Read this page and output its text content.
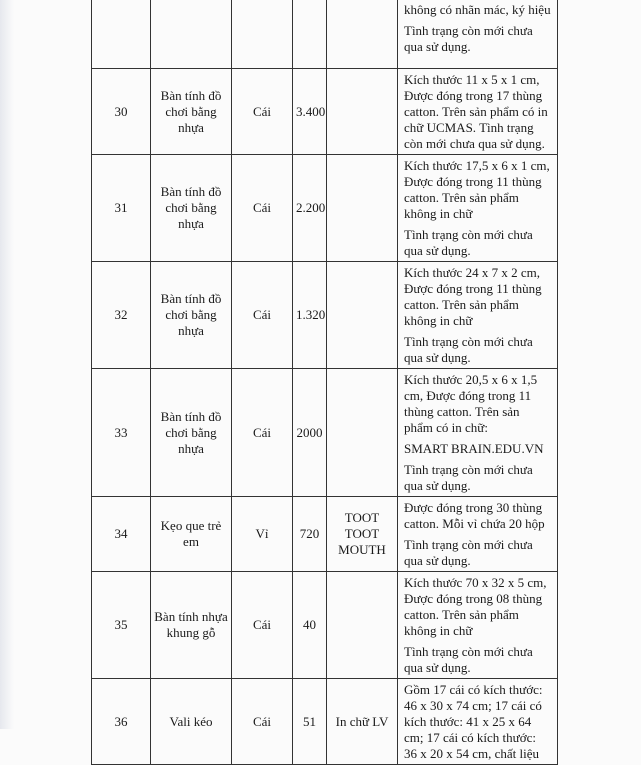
					không có nhãn mác, ký hiệu

Tình trạng còn mới chưa qua sử dụng.

30	Bàn tính đồ chơi bằng nhựa	Cái	3.400		Kích thước 11 x 5 x 1 cm, Được đóng trong 17 thùng catton. Trên sản phẩm có in chữ UCMAS. Tình trạng còn mới chưa qua sử dụng.

31	Bàn tính đồ chơi bằng nhựa	Cái	2.200		Kích thước 17,5 x 6 x 1 cm, Được đóng trong 11 thùng catton. Trên sản phẩm không in chữ

Tình trạng còn mới chưa qua sử dụng.

32	Bàn tính đồ chơi bằng nhựa	Cái	1.320		Kích thước 24 x 7 x 2 cm, Được đóng trong 11 thùng catton. Trên sản phẩm không in chữ

Tình trạng còn mới chưa qua sử dụng.

33	Bàn tính đồ chơi bằng nhựa	Cái	2000		Kích thước 20,5 x 6 x 1,5 cm, Được đóng trong 11 thùng catton. Trên sản phẩm có in chữ:

SMART BRAIN.EDU.VN

Tình trạng còn mới chưa qua sử dụng.

34	Kẹo que trẻ em	Vỉ	720	TOOT TOOT MOUTH	Được đóng trong 30 thùng catton. Mỗi vỉ chứa 20 hộp

Tình trạng còn mới chưa qua sử dụng.

35	Bàn tính nhựa khung gỗ	Cái	40		Kích thước 70 x 32 x 5 cm, Được đóng trong 08 thùng catton. Trên sản phẩm không in chữ

Tình trạng còn mới chưa qua sử dụng.

36	Vali kéo	Cái	51	In chữ LV	Gồm 17 cái có kích thước: 46 x 30 x 74 cm; 17 cái có kích thước: 41 x 25 x 64 cm; 17 cái có kích thước: 36 x 20 x 54 cm, chất liệu
